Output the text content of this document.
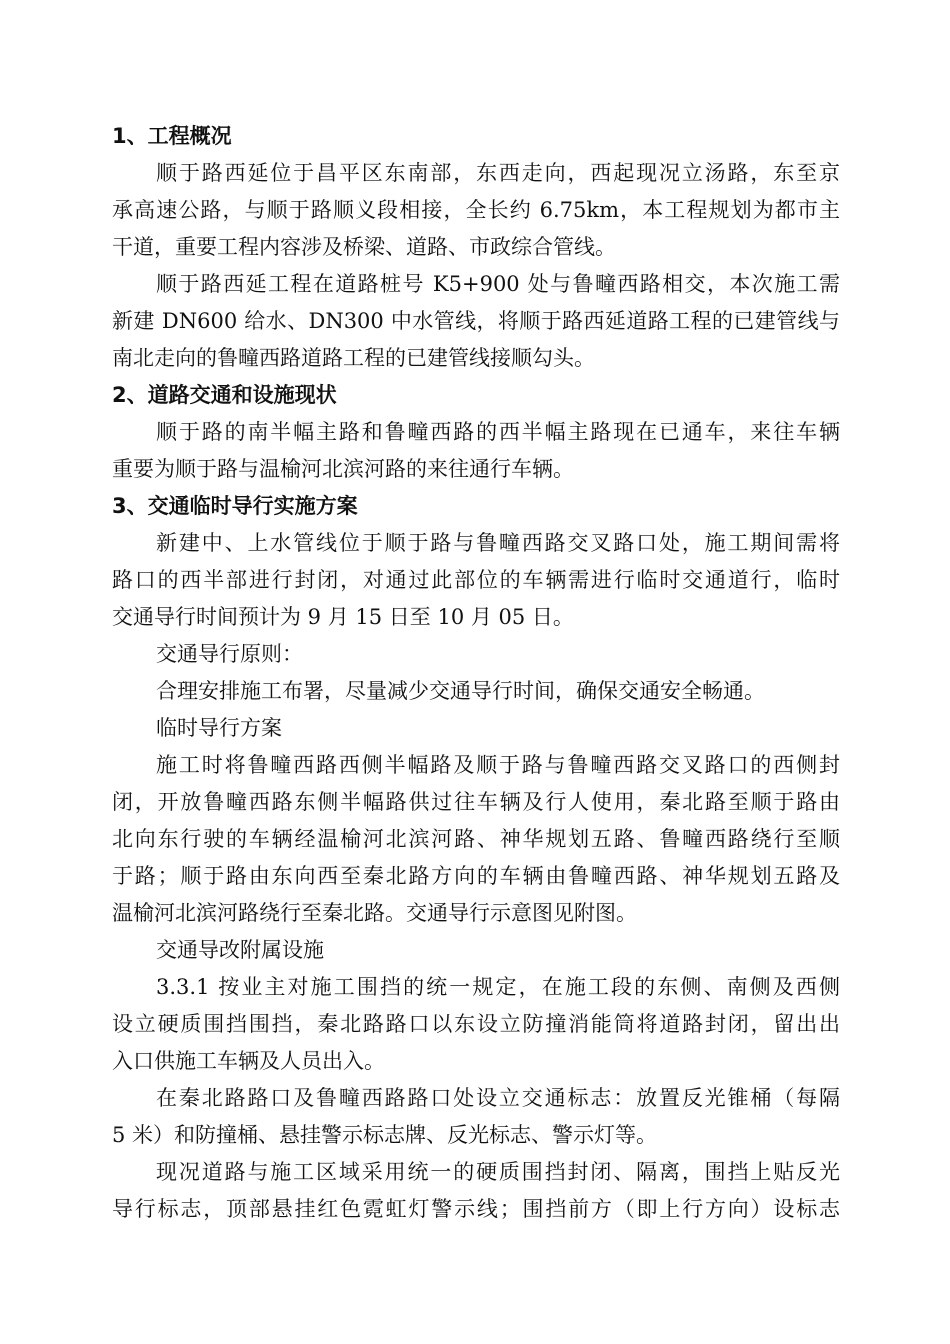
1、工程概况
顺于路西延位于昌平区东南部，东西走向，西起现况立汤路，东至京
承高速公路，与顺于路顺义段相接，全长约 6.75km，本工程规划为都市主
干道，重要工程内容涉及桥梁、道路、市政综合管线。
顺于路西延工程在道路桩号 K5+900 处与鲁疃西路相交，本次施工需
新建 DN600 给水、DN300 中水管线，将顺于路西延道路工程的已建管线与
南北走向的鲁疃西路道路工程的已建管线接顺勾头。
2、道路交通和设施现状
顺于路的南半幅主路和鲁疃西路的西半幅主路现在已通车，来往车辆
重要为顺于路与温榆河北滨河路的来往通行车辆。
3、交通临时导行实施方案
新建中、上水管线位于顺于路与鲁疃西路交叉路口处，施工期间需将
路口的西半部进行封闭，对通过此部位的车辆需进行临时交通道行，临时
交通导行时间预计为 9 月 15 日至 10 月 05 日。

交通导行原则：

合理安排施工布署，尽量减少交通导行时间，确保交通安全畅通。

临时导行方案

施工时将鲁疃西路西侧半幅路及顺于路与鲁疃西路交叉路口的西侧封
闭，开放鲁疃西路东侧半幅路供过往车辆及行人使用，秦北路至顺于路由
北向东行驶的车辆经温榆河北滨河路、神华规划五路、鲁疃西路绕行至顺
于路；顺于路由东向西至秦北路方向的车辆由鲁疃西路、神华规划五路及
温榆河北滨河路绕行至秦北路。交通导行示意图见附图。

交通导改附属设施

3.3.1 按业主对施工围挡的统一规定，在施工段的东侧、南侧及西侧
设立硬质围挡围挡，秦北路路口以东设立防撞消能筒将道路封闭，留出出
入口供施工车辆及人员出入。
在秦北路路口及鲁疃西路路口处设立交通标志：放置反光锥桶（每隔
5 米）和防撞桶、悬挂警示标志牌、反光标志、警示灯等。
现况道路与施工区域采用统一的硬质围挡封闭、隔离，围挡上贴反光
导行标志，顶部悬挂红色霓虹灯警示线；围挡前方（即上行方向）设标志
